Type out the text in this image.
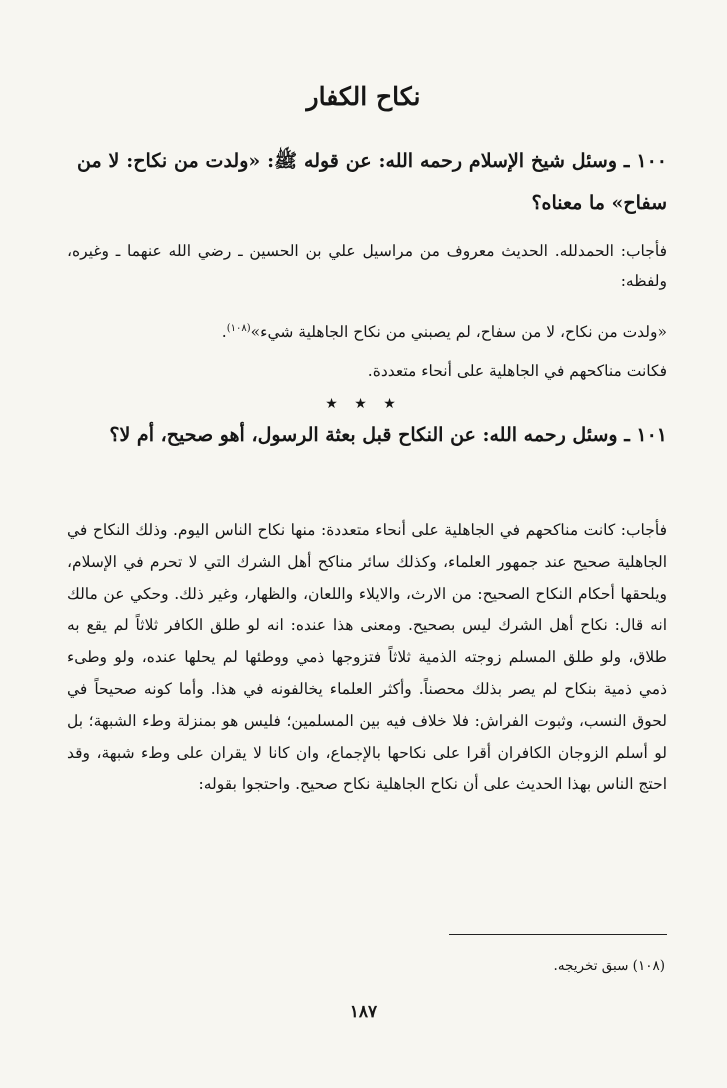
نكاح الكفار
١٠٠ ـ وسئل شيخ الإسلام رحمه الله: عن قوله ﷺ: «ولدت من نكاح: لا من سفاح» ما معناه؟
فأجاب: الحمدلله. الحديث معروف من مراسيل علي بن الحسين ـ رضي الله عنهما ـ وغيره، ولفظه:
«ولدت من نكاح، لا من سفاح، لم يصبني من نكاح الجاهلية شيء»$^{(١٠٨)}$.
فكانت مناكحهم في الجاهلية على أنحاء متعددة.
★ ★ ★
١٠١ ـ وسئل رحمه الله: عن النكاح قبل بعثة الرسول، أهو صحيح، أم لا؟

فأجاب: كانت مناكحهم في الجاهلية على أنحاء متعددة: منها نكاح الناس اليوم. وذلك النكاح في الجاهلية صحيح عند جمهور العلماء، وكذلك سائر مناكح أهل الشرك التي لا تحرم في الإسلام، ويلحقها أحكام النكاح الصحيح: من الارث، والايلاء واللعان، والظهار، وغير ذلك. وحكي عن مالك انه قال: نكاح أهل الشرك ليس بصحيح. ومعنى هذا عنده: انه لو طلق الكافر ثلاثاً لم يقع به طلاق، ولو طلق المسلم زوجته الذمية ثلاثاً فتزوجها ذمي ووطئها لم يحلها عنده، ولو وطىء ذمي ذمية بنكاح لم يصر بذلك محصناً. وأكثر العلماء يخالفونه في هذا. وأما كونه صحيحاً في لحوق النسب، وثبوت الفراش: فلا خلاف فيه بين المسلمين؛ فليس هو بمنزلة وطء الشبهة؛ بل لو أسلم الزوجان الكافران أقرا على نكاحها بالإجماع، وان كانا لا يقران على وطء شبهة، وقد احتج الناس بهذا الحديث على أن نكاح الجاهلية نكاح صحيح. واحتجوا بقوله:

(١٠٨) سبق تخريجه.
١٨٧
